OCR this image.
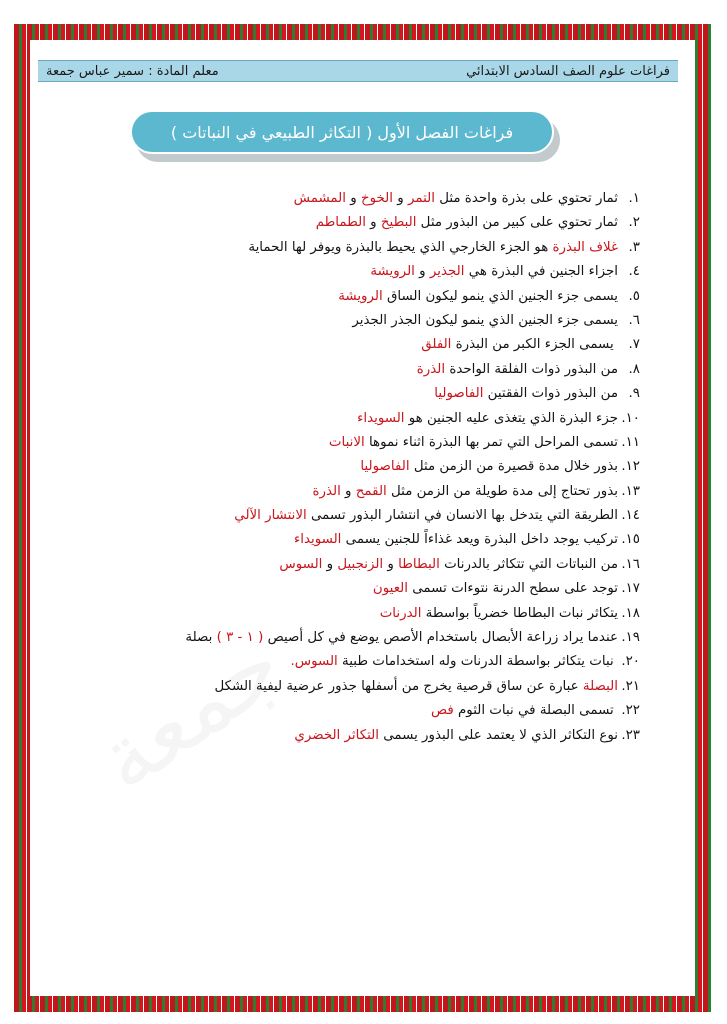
فراغات علوم الصف السادس الابتدائي
معلم المادة : سمير عباس جمعة
فراغات الفصل الأول ( التكاثر الطبيعي في النباتات )
١.ثمار تحتوي على بذرة واحدة مثل التمر و الخوخ و المشمش
٢.ثمار تحتوي على كبير من البذور مثل البطيخ و الطماطم
٣.غلاف البذرة هو الجزء الخارجي الذي يحيط بالبذرة ويوفر لها الحماية
٤.اجزاء الجنين في البذرة هي الجذير و الرويشة
٥.يسمى جزء الجنين الذي ينمو ليكون الساق الرويشة
٦.يسمى جزء الجنين الذي ينمو ليكون الجذر الجذير
٧. يسمى الجزء الكبر من البذرة الفلق
٨.من البذور ذوات الفلقة الواحدة الذرة
٩.من البذور ذوات الفقتين الفاصوليا
١٠.جزء البذرة الذي يتغذى عليه الجنين هو السويداء
١١.تسمى المراحل التي تمر بها البذرة اثناء نموها الانبات
١٢.بذور خلال مدة قصيرة من الزمن مثل الفاصوليا
١٣.بذور تحتاج إلى مدة طويلة من الزمن مثل القمح و الذرة
١٤.الطريقة التي يتدخل بها الانسان في انتشار البذور تسمى الانتشار الآلي
١٥.تركيب يوجد داخل البذرة ويعد غذاءاً للجنين يسمى السويداء
١٦.من النباتات التي تتكاثر بالدرنات البطاطا و الزنجبيل و السوس
١٧.توجد على سطح الدرنة نتوءات تسمى العيون
١٨.يتكاثر نبات البطاطا خضرياً بواسطة الدرنات
١٩.عندما يراد زراعة الأبصال باستخدام الأصص يوضع في كل أصيص ( ١ - ٣ ) بصلة
٢٠. نبات يتكاثر بواسطة الدرنات وله استخدامات طبية السوس.
٢١.البصلة عبارة عن ساق قرصية يخرج من أسفلها جذور عرضية ليفية الشكل
٢٢. تسمى البصلة في نبات الثوم فص
٢٣.نوع التكاثر الذي لا يعتمد على البذور يسمى التكاثر الخضري
